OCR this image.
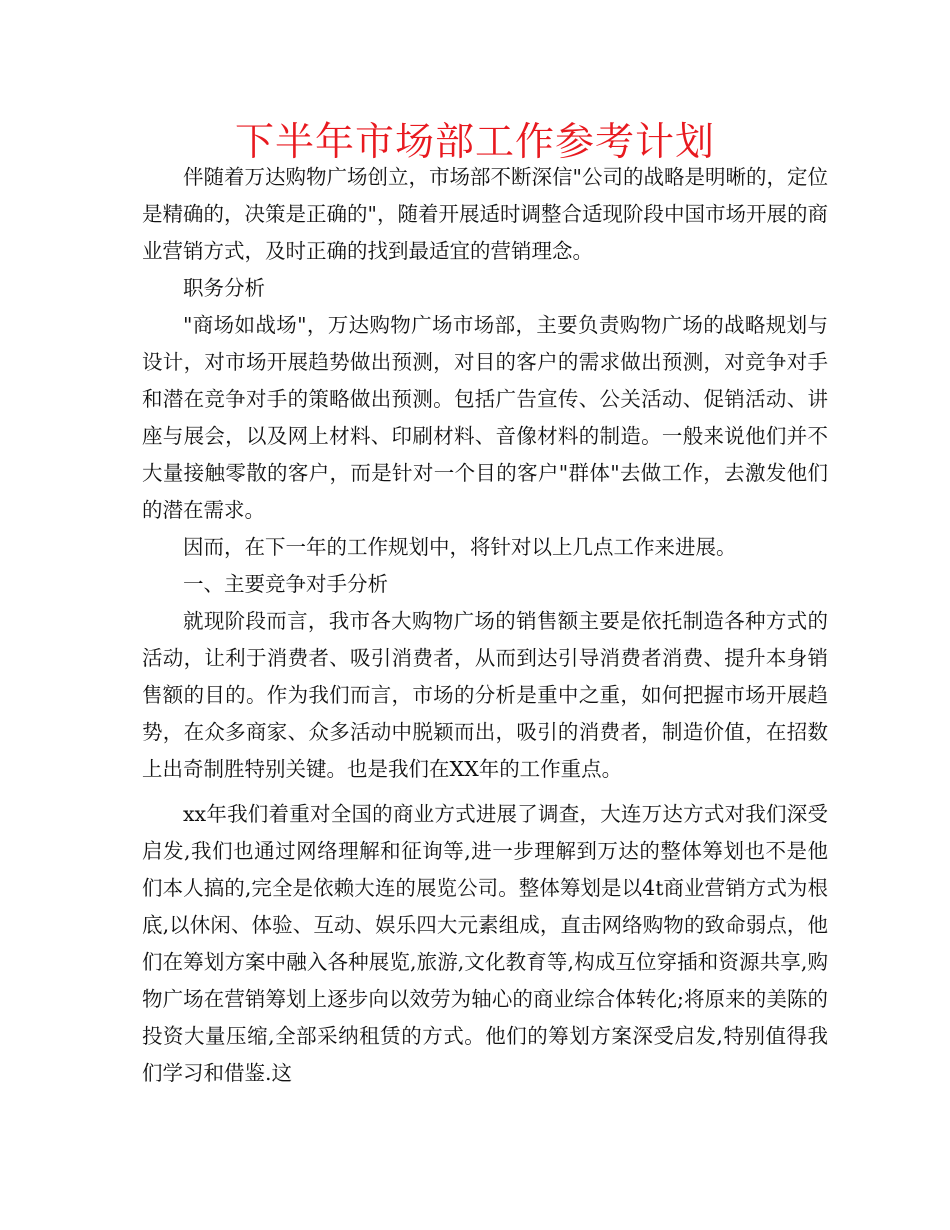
下半年市场部工作参考计划

伴随着万达购物广场创立，市场部不断深信"公司的战略是明晰的，定位是精确的，决策是正确的"，随着开展适时调整合适现阶段中国市场开展的商业营销方式，及时正确的找到最适宜的营销理念。

职务分析

"商场如战场"，万达购物广场市场部，主要负责购物广场的战略规划与设计，对市场开展趋势做出预测，对目的客户的需求做出预测，对竞争对手和潜在竞争对手的策略做出预测。包括广告宣传、公关活动、促销活动、讲座与展会，以及网上材料、印刷材料、音像材料的制造。一般来说他们并不大量接触零散的客户，而是针对一个目的客户"群体"去做工作，去激发他们的潜在需求。

因而，在下一年的工作规划中，将针对以上几点工作来进展。

一、主要竞争对手分析

就现阶段而言，我市各大购物广场的销售额主要是依托制造各种方式的活动，让利于消费者、吸引消费者，从而到达引导消费者消费、提升本身销售额的目的。作为我们而言，市场的分析是重中之重，如何把握市场开展趋势，在众多商家、众多活动中脱颖而出，吸引的消费者，制造价值，在招数上出奇制胜特别关键。也是我们在XX年的工作重点。

xx年我们着重对全国的商业方式进展了调查，大连万达方式对我们深受启发,我们也通过网络理解和征询等,进一步理解到万达的整体筹划也不是他们本人搞的,完全是依赖大连的展览公司。整体筹划是以4t商业营销方式为根底,以休闲、体验、互动、娱乐四大元素组成，直击网络购物的致命弱点，他们在筹划方案中融入各种展览,旅游,文化教育等,构成互位穿插和资源共享,购物广场在营销筹划上逐步向以效劳为轴心的商业综合体转化;将原来的美陈的投资大量压缩,全部采纳租赁的方式。他们的筹划方案深受启发,特别值得我们学习和借鉴.这
